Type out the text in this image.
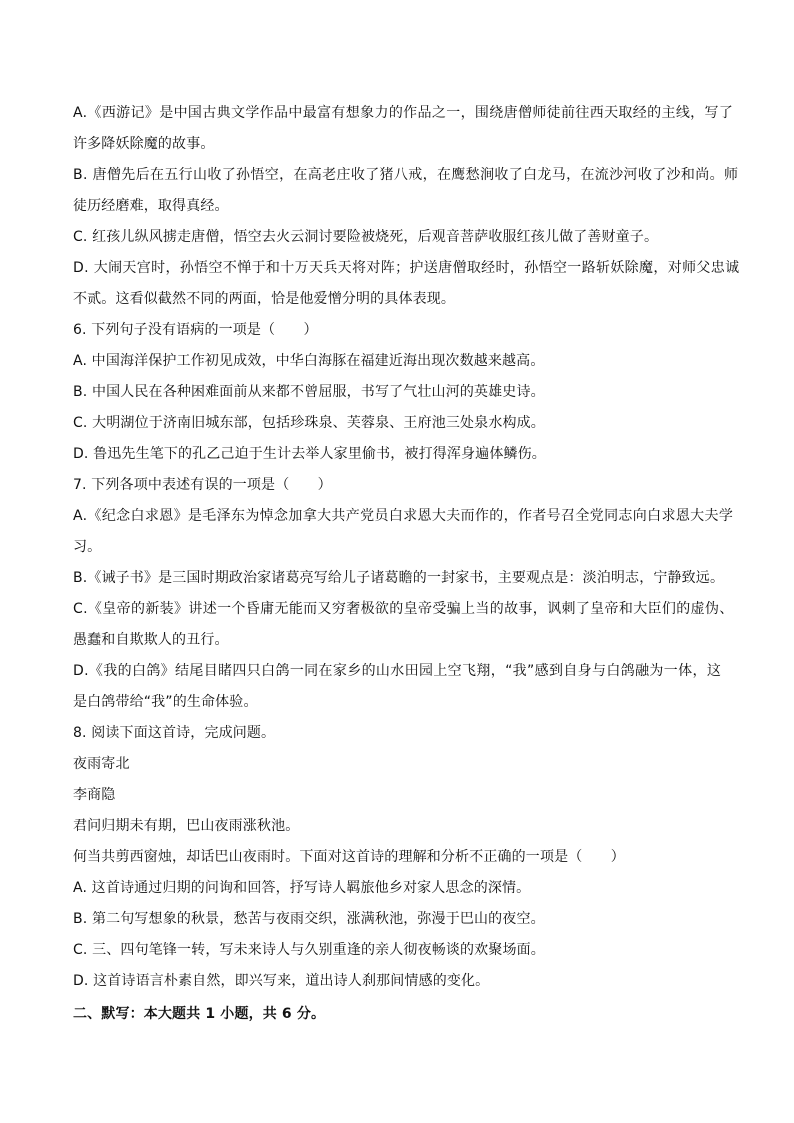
A.《西游记》是中国古典文学作品中最富有想象力的作品之一，围绕唐僧师徒前往西天取经的主线，写了
许多降妖除魔的故事。
B. 唐僧先后在五行山收了孙悟空，在高老庄收了猪八戒，在鹰愁涧收了白龙马，在流沙河收了沙和尚。师
徒历经磨难，取得真经。
C. 红孩儿纵风掳走唐僧，悟空去火云洞讨要险被烧死，后观音菩萨收服红孩儿做了善财童子。
D. 大闹天宫时，孙悟空不惮于和十万天兵天将对阵；护送唐僧取经时，孙悟空一路斩妖除魔，对师父忠诚
不贰。这看似截然不同的两面，恰是他爱憎分明的具体表现。
6. 下列句子没有语病的一项是（　　）
A. 中国海洋保护工作初见成效，中华白海豚在福建近海出现次数越来越高。
B. 中国人民在各种困难面前从来都不曾屈服，书写了气壮山河的英雄史诗。
C. 大明湖位于济南旧城东部，包括珍珠泉、芙蓉泉、王府池三处泉水构成。
D. 鲁迅先生笔下的孔乙己迫于生计去举人家里偷书，被打得浑身遍体鳞伤。
7. 下列各项中表述有误的一项是（　　）
A.《纪念白求恩》是毛泽东为悼念加拿大共产党员白求恩大夫而作的，作者号召全党同志向白求恩大夫学
习。
B.《诫子书》是三国时期政治家诸葛亮写给儿子诸葛瞻的一封家书，主要观点是：淡泊明志，宁静致远。
C.《皇帝的新装》讲述一个昏庸无能而又穷奢极欲的皇帝受骗上当的故事，讽刺了皇帝和大臣们的虚伪、
愚蠢和自欺欺人的丑行。
D.《我的白鸽》结尾目睹四只白鸽一同在家乡的山水田园上空飞翔，“我”感到自身与白鸽融为一体，这
是白鸽带给“我”的生命体验。
8. 阅读下面这首诗，完成问题。
夜雨寄北
李商隐
君问归期未有期，巴山夜雨涨秋池。
何当共剪西窗烛，却话巴山夜雨时。下面对这首诗的理解和分析不正确的一项是（　　）
A. 这首诗通过归期的问询和回答，抒写诗人羁旅他乡对家人思念的深情。
B. 第二句写想象的秋景，愁苦与夜雨交织，涨满秋池，弥漫于巴山的夜空。
C. 三、四句笔锋一转，写未来诗人与久别重逢的亲人彻夜畅谈的欢聚场面。
D. 这首诗语言朴素自然，即兴写来，道出诗人刹那间情感的变化。
二、默写：本大题共 1 小题，共 6 分。
